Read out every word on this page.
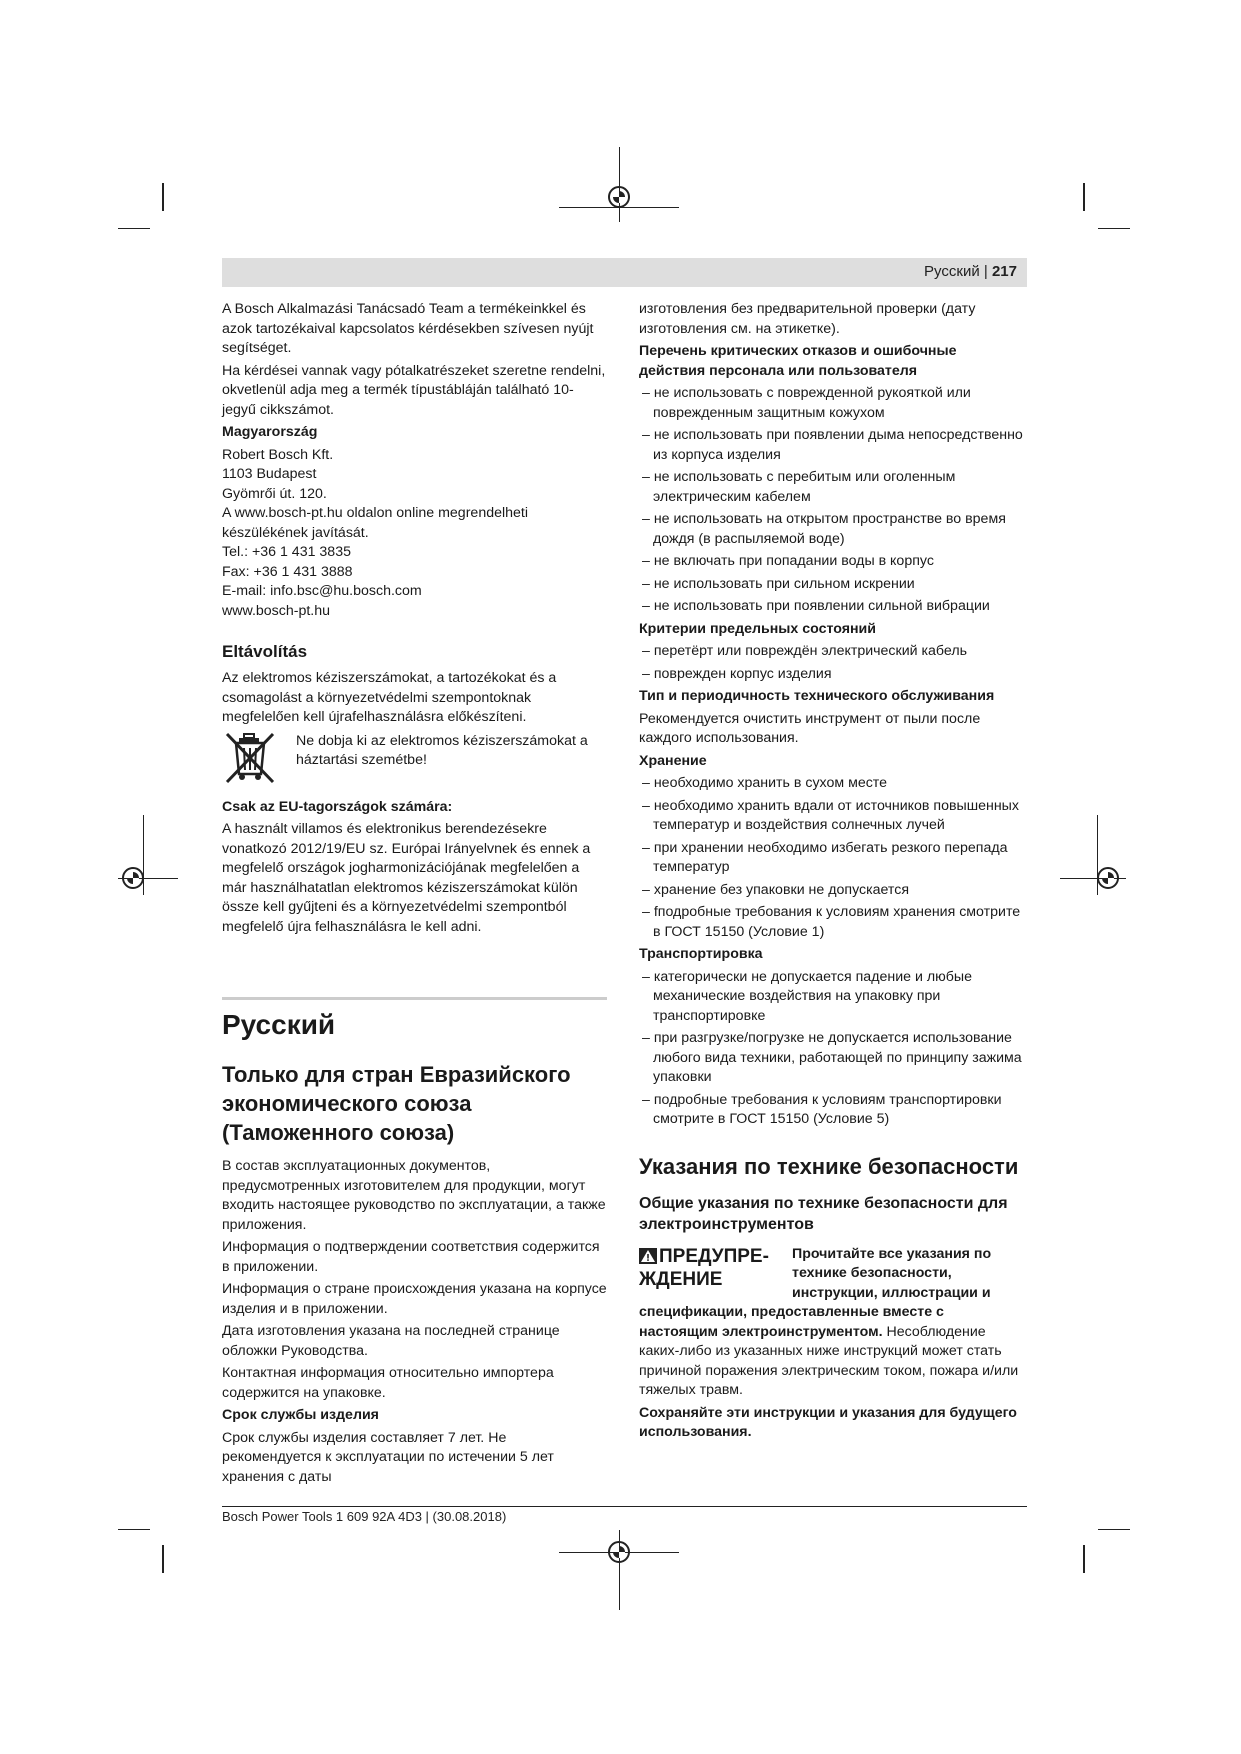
Русский | 217

A Bosch Alkalmazási Tanácsadó Team a termékeinkkel és azok tartozékaival kapcsolatos kérdésekben szívesen nyújt segítséget.

Ha kérdései vannak vagy pótalkatrészeket szeretne rendelni, okvetlenül adja meg a termék típustábláján található 10-jegyű cikkszámot.

Magyarország

Robert Bosch Kft.
1103 Budapest
Gyömrői út. 120.
A www.bosch-pt.hu oldalon online megrendelheti készülékének javítását.
Tel.: +36 1 431 3835
Fax: +36 1 431 3888
E-mail: info.bsc@hu.bosch.com
www.bosch-pt.hu
Eltávolítás

Az elektromos kéziszerszámokat, a tartozékokat és a csomagolást a környezetvédelmi szempontoknak megfelelően kell újrafelhasználásra előkészíteni.

Ne dobja ki az elektromos kéziszerszámokat a háztartási szemétbe!

Csak az EU-tagországok számára:

A használt villamos és elektronikus berendezésekre vonatkozó 2012/19/EU sz. Európai Irányelvnek és ennek a megfelelő országok jogharmonizációjának megfelelően a már használhatatlan elektromos kéziszerszámokat külön össze kell gyűjteni és a környezetvédelmi szempontból megfelelő újra felhasználásra le kell adni.

Русский
Только для стран Евразийского экономического союза (Таможенного союза)

В состав эксплуатационных документов, предусмотренных изготовителем для продукции, могут входить настоящее руководство по эксплуатации, а также приложения.

Информация о подтверждении соответствия содержится в приложении.

Информация о стране происхождения указана на корпусе изделия и в приложении.

Дата изготовления указана на последней странице обложки Руководства.

Контактная информация относительно импортера содержится на упаковке.

Срок службы изделия

Срок службы изделия составляет 7 лет. Не рекомендуется к эксплуатации по истечении 5 лет хранения с даты

изготовления без предварительной проверки (дату изготовления см. на этикетке).

Перечень критических отказов и ошибочные действия персонала или пользователя

– не использовать с поврежденной рукояткой или поврежденным защитным кожухом
– не использовать при появлении дыма непосредственно из корпуса изделия
– не использовать с перебитым или оголенным электрическим кабелем
– не использовать на открытом пространстве во время дождя (в распыляемой воде)
– не включать при попадании воды в корпус
– не использовать при сильном искрении
– не использовать при появлении сильной вибрации

Критерии предельных состояний

– перетёрт или повреждён электрический кабель
– поврежден корпус изделия

Тип и периодичность технического обслуживания

Рекомендуется очистить инструмент от пыли после каждого использования.

Хранение

– необходимо хранить в сухом месте
– необходимо хранить вдали от источников повышенных температур и воздействия солнечных лучей
– при хранении необходимо избегать резкого перепада температур
– хранение без упаковки не допускается
– fподробные требования к условиям хранения смотрите в ГОСТ 15150 (Условие 1)

Транспортировка

– категорически не допускается падение и любые механические воздействия на упаковку при транспортировке
– при разгрузке/погрузке не допускается использование любого вида техники, работающей по принципу зажима упаковки
– подробные требования к условиям транспортировки смотрите в ГОСТ 15150 (Условие 5)
Указания по технике безопасности
Общие указания по технике безопасности для электроинструментов
ПРЕДУПРЕ-ЖДЕНИЕ

Прочитайте все указания по технике безопасности, инструкции, иллюстрации и спецификации, предоставленные вместе с настоящим электроинструментом. Несоблюдение каких-либо из указанных ниже инструкций может стать причиной поражения электрическим током, пожара и/или тяжелых травм.

Сохраняйте эти инструкции и указания для будущего использования.

Bosch Power Tools 1 609 92A 4D3 | (30.08.2018)
